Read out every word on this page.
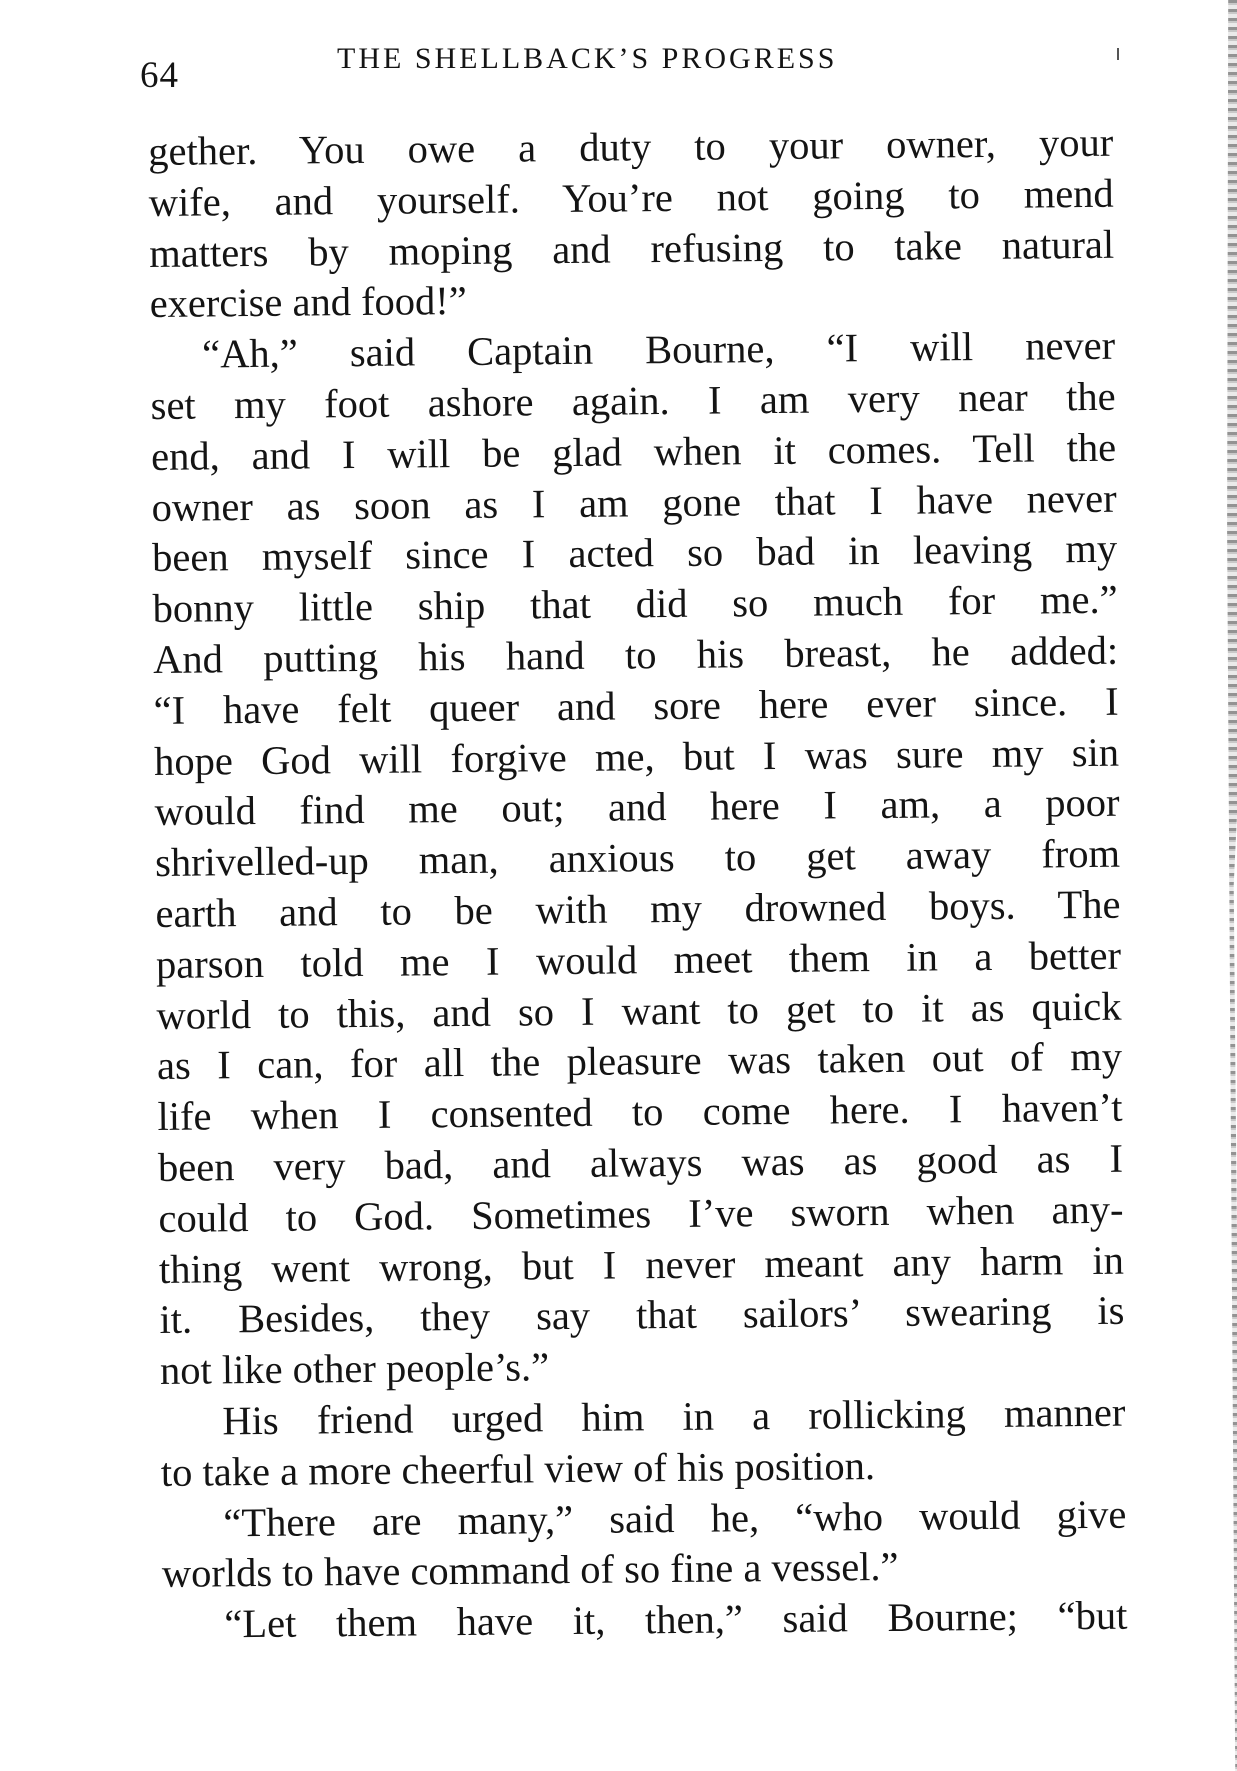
64	THE SHELLBACK’S PROGRESS
gether. You owe a duty to your owner, your
wife, and yourself. You’re not going to mend
matters by moping and refusing to take natural
exercise and food!”
“Ah,” said Captain Bourne, “I will never
set my foot ashore again. I am very near the
end, and I will be glad when it comes. Tell the
owner as soon as I am gone that I have never
been myself since I acted so bad in leaving my
bonny little ship that did so much for me.”
And putting his hand to his breast, he added:
“I have felt queer and sore here ever since. I
hope God will forgive me, but I was sure my sin
would find me out; and here I am, a poor
shrivelled-up man, anxious to get away from
earth and to be with my drowned boys. The
parson told me I would meet them in a better
world to this, and so I want to get to it as quick
as I can, for all the pleasure was taken out of my
life when I consented to come here. I haven’t
been very bad, and always was as good as I
could to God. Sometimes I’ve sworn when any-
thing went wrong, but I never meant any harm in
it. Besides, they say that sailors’ swearing is
not like other people’s.”
His friend urged him in a rollicking manner
to take a more cheerful view of his position.
“There are many,” said he, “who would give
worlds to have command of so fine a vessel.”
“Let them have it, then,” said Bourne; “but
